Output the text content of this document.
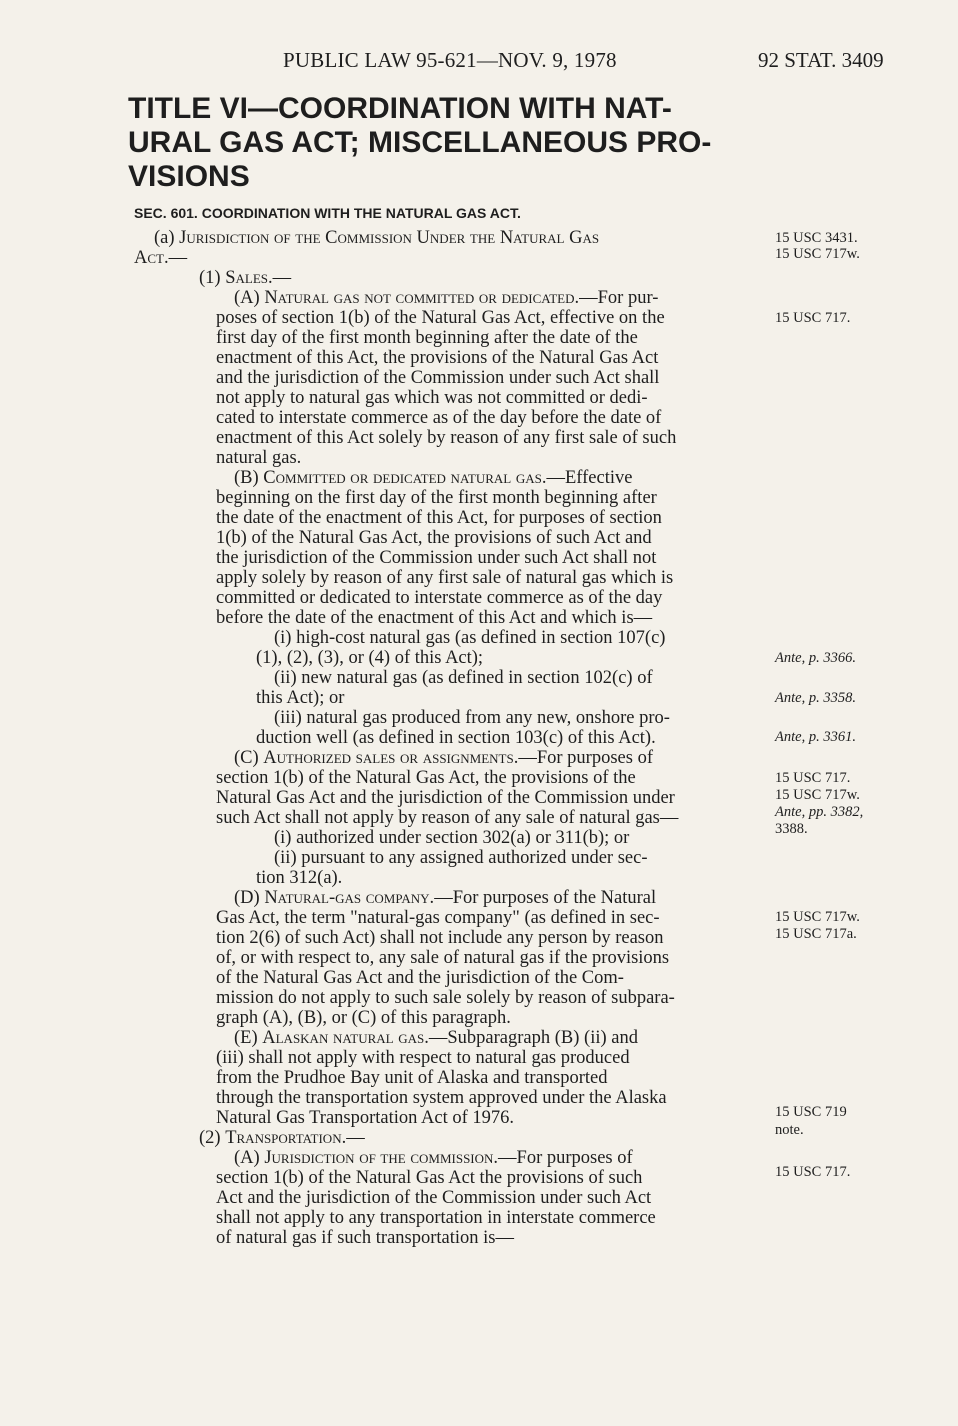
PUBLIC LAW 95-621—NOV. 9, 1978	92 STAT. 3409
TITLE VI—COORDINATION WITH NAT-
URAL GAS ACT; MISCELLANEOUS PRO-
VISIONS
SEC. 601. COORDINATION WITH THE NATURAL GAS ACT.
(a) Jurisdiction of the Commission Under the Natural Gas
Act.—
(1) Sales.—
(A) Natural gas not committed or dedicated.—For pur-
poses of section 1(b) of the Natural Gas Act, effective on the
first day of the first month beginning after the date of the
enactment of this Act, the provisions of the Natural Gas Act
and the jurisdiction of the Commission under such Act shall
not apply to natural gas which was not committed or dedi-
cated to interstate commerce as of the day before the date of
enactment of this Act solely by reason of any first sale of such
natural gas.
(B) Committed or dedicated natural gas.—Effective
beginning on the first day of the first month beginning after
the date of the enactment of this Act, for purposes of section
1(b) of the Natural Gas Act, the provisions of such Act and
the jurisdiction of the Commission under such Act shall not
apply solely by reason of any first sale of natural gas which is
committed or dedicated to interstate commerce as of the day
before the date of the enactment of this Act and which is—
(i) high-cost natural gas (as defined in section 107(c)
(1), (2), (3), or (4) of this Act);
(ii) new natural gas (as defined in section 102(c) of
this Act); or
(iii) natural gas produced from any new, onshore pro-
duction well (as defined in section 103(c) of this Act).
(C) Authorized sales or assignments.—For purposes of
section 1(b) of the Natural Gas Act, the provisions of the
Natural Gas Act and the jurisdiction of the Commission under
such Act shall not apply by reason of any sale of natural gas—
(i) authorized under section 302(a) or 311(b); or
(ii) pursuant to any assigned authorized under sec-
tion 312(a).
(D) Natural-gas company.—For purposes of the Natural
Gas Act, the term "natural-gas company" (as defined in sec-
tion 2(6) of such Act) shall not include any person by reason
of, or with respect to, any sale of natural gas if the provisions
of the Natural Gas Act and the jurisdiction of the Com-
mission do not apply to such sale solely by reason of subpara-
graph (A), (B), or (C) of this paragraph.
(E) Alaskan natural gas.—Subparagraph (B) (ii) and
(iii) shall not apply with respect to natural gas produced
from the Prudhoe Bay unit of Alaska and transported
through the transportation system approved under the Alaska
Natural Gas Transportation Act of 1976.
(2) Transportation.—
(A) Jurisdiction of the commission.—For purposes of
section 1(b) of the Natural Gas Act the provisions of such
Act and the jurisdiction of the Commission under such Act
shall not apply to any transportation in interstate commerce
of natural gas if such transportation is—
15 USC 3431.
15 USC 717w.
15 USC 717.
Ante, p. 3366.
Ante, p. 3358.
Ante, p. 3361.
15 USC 717.
15 USC 717w.
Ante, pp. 3382,
3388.
15 USC 717w.
15 USC 717a.
15 USC 719
note.
15 USC 717.
